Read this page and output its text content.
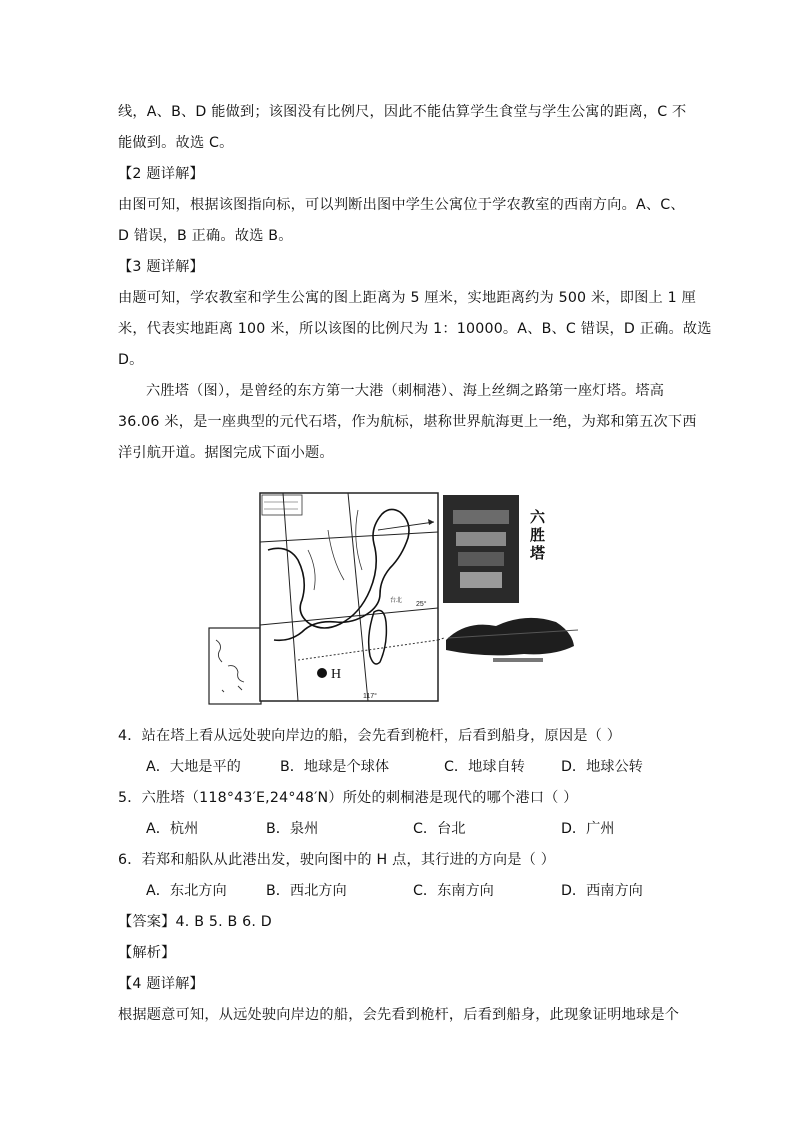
线，A、B、D 能做到；该图没有比例尺，因此不能估算学生食堂与学生公寓的距离，C 不
能做到。故选 C。
【2 题详解】
由图可知，根据该图指向标，可以判断出图中学生公寓位于学农教室的西南方向。A、C、
D 错误，B 正确。故选 B。
【3 题详解】
由题可知，学农教室和学生公寓的图上距离为 5 厘米，实地距离约为 500 米，即图上 1 厘
米，代表实地距离 100 米，所以该图的比例尺为 1：10000。A、B、C 错误，D 正确。故选
D。
六胜塔（图），是曾经的东方第一大港（刺桐港）、海上丝绸之路第一座灯塔。塔高
36.06 米，是一座典型的元代石塔，作为航标，堪称世界航海更上一绝，为郑和第五次下西
洋引航开道。据图完成下面小题。
H
25°
117°
台北
六
胜
塔
4．站在塔上看从远处驶向岸边的船，会先看到桅杆，后看到船身，原因是（ ）
A．大地是平的	B．地球是个球体	C．地球自转	D．地球公转
5．六胜塔（118°43′E,24°48′N）所处的刺桐港是现代的哪个港口（ ）
A．杭州	B．泉州	C．台北	D．广州
6．若郑和船队从此港出发，驶向图中的 H 点，其行进的方向是（ ）
A．东北方向	B．西北方向	C．东南方向	D．西南方向
【答案】4. B 5. B 6. D
【解析】
【4 题详解】
根据题意可知，从远处驶向岸边的船，会先看到桅杆，后看到船身，此现象证明地球是个
